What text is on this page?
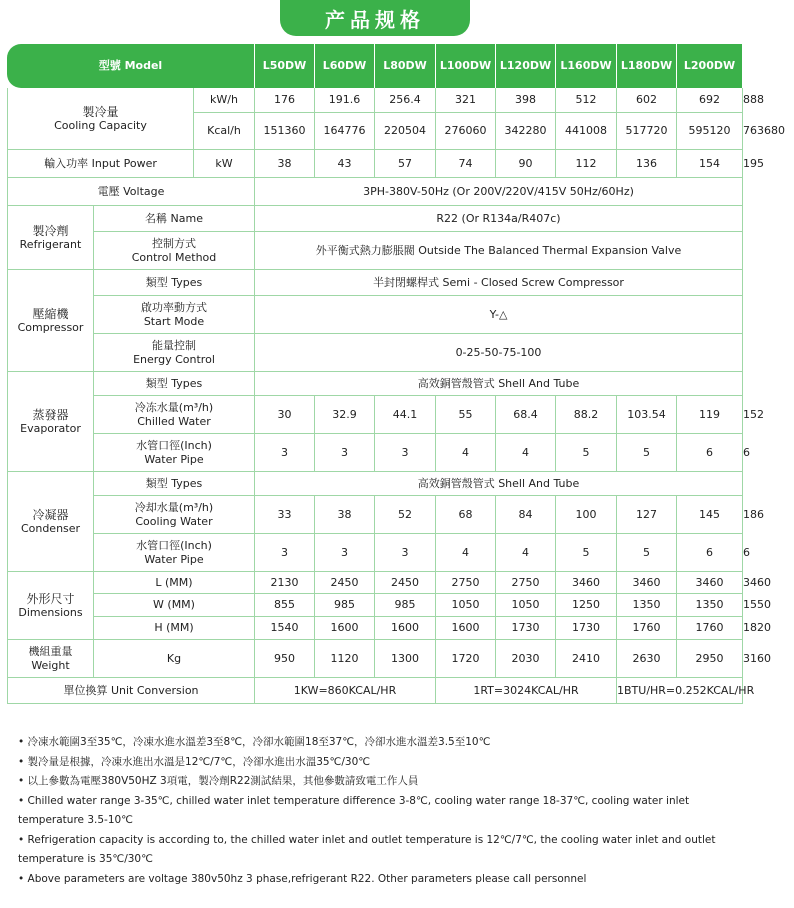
产品规格
型號 Model			L50DW	L60DW	L80DW	L100DW	L120DW	L160DW	L180DW	L200DW	L240DW

製冷量
Cooling Capacity		kW/h	176	191.6	256.4	321	398	512	602	692	888
		Kcal/h	151360	164776	220504	276060	342280	441008	517720	595120	763680
輸入功率 Input Power		kW	38	43	57	74	90	112	136	154	195
電壓 Voltage			3PH-380V-50Hz (Or 200V/220V/415V 50Hz/60Hz)								

製冷劑
Refrigerant	名稱 Name		R22 (Or R134a/R407c)								

	控制方式
Control Method		外平衡式熱力膨脹閥 Outside The Balanced Thermal Expansion Valve								

壓縮機
Compressor	類型 Types		半封閉螺桿式 Semi - Closed Screw Compressor								

	啟功率動方式
Start Mode		Y-△								

	能量控制
Energy Control		0-25-50-75-100								

蒸發器
Evaporator	類型 Types		高效銅管殼管式 Shell And Tube								

	冷冻水量(m³/h)
Chilled Water		30	32.9	44.1	55	68.4	88.2	103.54	119	152

	水管口徑(Inch)
Water Pipe		3	3	3	4	4	5	5	6	6

冷凝器
Condenser	類型 Types		高效銅管殼管式 Shell And Tube								

	冷却水量(m³/h)
Cooling Water		33	38	52	68	84	100	127	145	186

	水管口徑(Inch)
Water Pipe		3	3	3	4	4	5	5	6	6

外形尺寸
Dimensions	L (MM)		2130	2450	2450	2750	2750	3460	3460	3460	3460
	W (MM)		855	985	985	1050	1050	1250	1350	1350	1550
	H (MM)		1540	1600	1600	1600	1730	1730	1760	1760	1820

機組重量
Weight	Kg		950	1120	1300	1720	2030	2410	2630	2950	3160
單位換算 Unit Conversion			1KW=860KCAL/HR			1RT=3024KCAL/HR			1BTU/HR=0.252KCAL/HR		

• 冷凍水範圍3至35℃，冷凍水進水溫差3至8℃，冷卻水範圍18至37℃，冷卻水進水溫差3.5至10℃

• 製冷量是根據，冷凍水進出水溫是12℃/7℃，冷卻水進出水溫35℃/30℃

• 以上參數為電壓380V50HZ 3項電，製冷劑R22測試結果，其他參數請致電工作人員

• Chilled water range 3-35℃, chilled water inlet temperature difference 3-8℃, cooling water range 18-37℃, cooling water inlet temperature 3.5-10℃

• Refrigeration capacity is according to, the chilled water inlet and outlet temperature is 12℃/7℃, the cooling water inlet and outlet temperature is 35℃/30℃

• Above parameters are voltage 380v50hz 3 phase,refrigerant R22. Other parameters please call personnel
